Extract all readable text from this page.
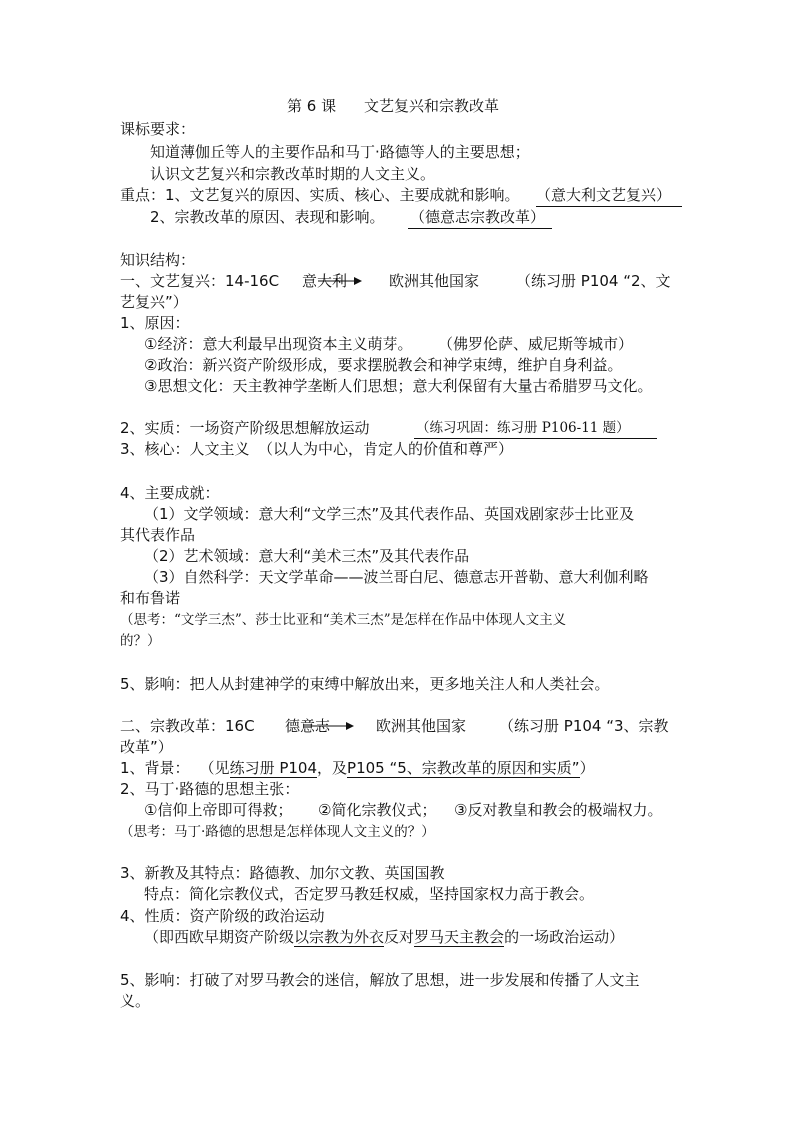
第 6 课 文艺复兴和宗教改革
课标要求：
知道薄伽丘等人的主要作品和马丁·路德等人的主要思想；
认识文艺复兴和宗教改革时期的人文主义。
重点：1、文艺复兴的原因、实质、核心、主要成就和影响。 （意大利文艺复兴）
2、宗教改革的原因、表现和影响。 （德意志宗教改革）
知识结构：
一、文艺复兴：14-16C 意大利	欧洲其他国家 （练习册 P104 “2、文
艺复兴”）
1、原因：
①经济：意大利最早出现资本主义萌芽。 （佛罗伦萨、威尼斯等城市）
②政治：新兴资产阶级形成，要求摆脱教会和神学束缚，维护自身利益。
③思想文化：天主教神学垄断人们思想；意大利保留有大量古希腊罗马文化。
2、实质：一场资产阶级思想解放运动	（练习巩固：练习册 P106-11 题）
3、核心：人文主义 （以人为中心，肯定人的价值和尊严）
4、主要成就：
（1）文学领域：意大利“文学三杰”及其代表作品、英国戏剧家莎士比亚及
其代表作品
（2）艺术领域：意大利“美术三杰”及其代表作品
（3）自然科学：天文学革命——波兰哥白尼、德意志开普勒、意大利伽利略
和布鲁诺
（思考：“文学三杰”、莎士比亚和“美术三杰”是怎样在作品中体现人文主义
的？）
5、影响：把人从封建神学的束缚中解放出来，更多地关注人和人类社会。
二、宗教改革：16C 德意志	欧洲其他国家 （练习册 P104 “3、宗教
改革”）
1、背景： （见练习册 P104，及P105 “5、宗教改革的原因和实质”）
2、马丁·路德的思想主张：
①信仰上帝即可得救； ②简化宗教仪式； ③反对教皇和教会的极端权力。
（思考：马丁·路德的思想是怎样体现人文主义的？）
3、新教及其特点：路德教、加尔文教、英国国教
特点：简化宗教仪式，否定罗马教廷权威，坚持国家权力高于教会。
4、性质：资产阶级的政治运动
（即西欧早期资产阶级以宗教为外衣反对罗马天主教会的一场政治运动）
5、影响：打破了对罗马教会的迷信，解放了思想，进一步发展和传播了人文主
义。
